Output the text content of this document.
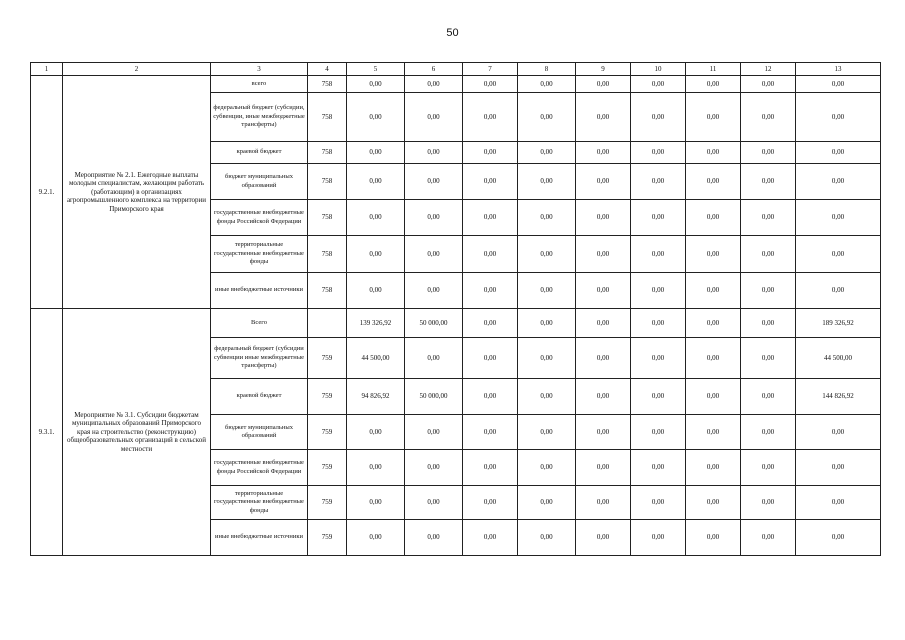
50
1	2	3	4	5	6	7	8	9	10	11	12	13
9.2.1.	Мероприятие № 2.1. Ежегодные выплаты молодым специалистам, желающим работать (работающим) в организациях агропромышленного комплекса на территории Приморского края	всего	758	0,00	0,00	0,00	0,00	0,00	0,00	0,00	0,00	0,00
		федеральный бюджет (субсидии, субвенции, иные межбюджетные трансферты)	758	0,00	0,00	0,00	0,00	0,00	0,00	0,00	0,00	0,00
		краевой бюджет	758	0,00	0,00	0,00	0,00	0,00	0,00	0,00	0,00	0,00
		бюджет муниципальных образований	758	0,00	0,00	0,00	0,00	0,00	0,00	0,00	0,00	0,00
		государственные внебюджетные фонды Российской Федерации	758	0,00	0,00	0,00	0,00	0,00	0,00	0,00	0,00	0,00
		территориальные государственные внебюджетные фонды	758	0,00	0,00	0,00	0,00	0,00	0,00	0,00	0,00	0,00
		иные внебюджетные источники	758	0,00	0,00	0,00	0,00	0,00	0,00	0,00	0,00	0,00
9.3.1.	Мероприятие № 3.1. Субсидии бюджетам муниципальных образований Приморского края на строительство (реконструкцию) общеобразовательных организаций в сельской местности	Всего		139 326,92	50 000,00	0,00	0,00	0,00	0,00	0,00	0,00	189 326,92
		федеральный бюджет (субсидии субвенции иные межбюджетные трансферты)	759	44 500,00	0,00	0,00	0,00	0,00	0,00	0,00	0,00	44 500,00
		краевой бюджет	759	94 826,92	50 000,00	0,00	0,00	0,00	0,00	0,00	0,00	144 826,92
		бюджет муниципальных образований	759	0,00	0,00	0,00	0,00	0,00	0,00	0,00	0,00	0,00
		государственные внебюджетные фонды Российской Федерации	759	0,00	0,00	0,00	0,00	0,00	0,00	0,00	0,00	0,00
		территориальные государственные внебюджетные фонды	759	0,00	0,00	0,00	0,00	0,00	0,00	0,00	0,00	0,00
		иные внебюджетные источники	759	0,00	0,00	0,00	0,00	0,00	0,00	0,00	0,00	0,00
